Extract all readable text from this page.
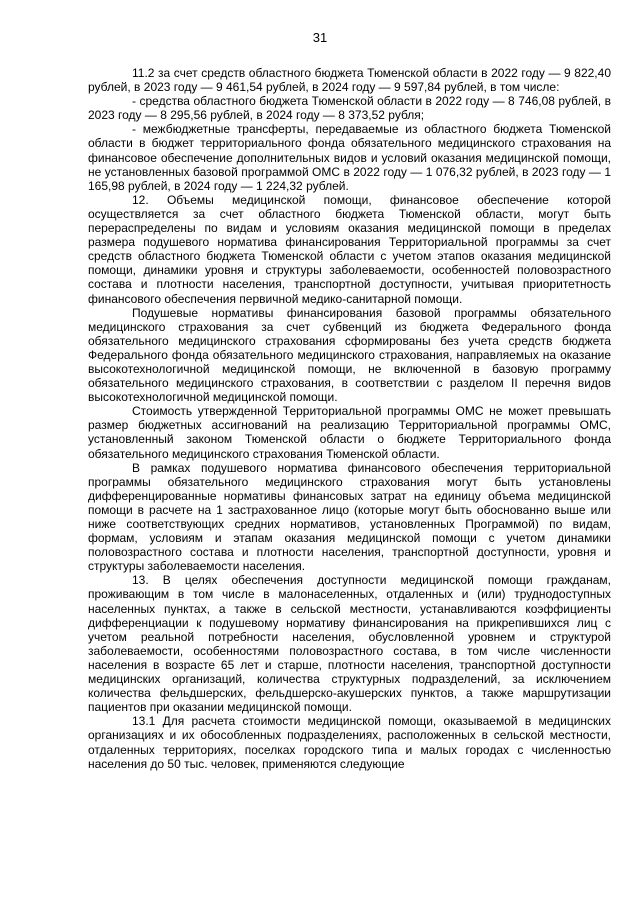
31

11.2 за счет средств областного бюджета Тюменской области в 2022 году — 9 822,40 рублей, в 2023 году — 9 461,54 рублей, в 2024 году — 9 597,84 рублей, в том числе:

- средства областного бюджета Тюменской области в 2022 году — 8 746,08 рублей, в 2023 году — 8 295,56 рублей, в 2024 году — 8 373,52 рубля;

- межбюджетные трансферты, передаваемые из областного бюджета Тюменской области в бюджет территориального фонда обязательного медицинского страхования на финансовое обеспечение дополнительных видов и условий оказания медицинской помощи, не установленных базовой программой ОМС в 2022 году — 1 076,32 рублей, в 2023 году — 1 165,98 рублей, в 2024 году — 1 224,32 рублей.

12. Объемы медицинской помощи, финансовое обеспечение которой осуществляется за счет областного бюджета Тюменской области, могут быть перераспределены по видам и условиям оказания медицинской помощи в пределах размера подушевого норматива финансирования Территориальной программы за счет средств областного бюджета Тюменской области с учетом этапов оказания медицинской помощи, динамики уровня и структуры заболеваемости, особенностей половозрастного состава и плотности населения, транспортной доступности, учитывая приоритетность финансового обеспечения первичной медико-санитарной помощи.

Подушевые нормативы финансирования базовой программы обязательного медицинского страхования за счет субвенций из бюджета Федерального фонда обязательного медицинского страхования сформированы без учета средств бюджета Федерального фонда обязательного медицинского страхования, направляемых на оказание высокотехнологичной медицинской помощи, не включенной в базовую программу обязательного медицинского страхования, в соответствии с разделом II перечня видов высокотехнологичной медицинской помощи.

Стоимость утвержденной Территориальной программы ОМС не может превышать размер бюджетных ассигнований на реализацию Территориальной программы ОМС, установленный законом Тюменской области о бюджете Территориального фонда обязательного медицинского страхования Тюменской области.

В рамках подушевого норматива финансового обеспечения территориальной программы обязательного медицинского страхования могут быть установлены дифференцированные нормативы финансовых затрат на единицу объема медицинской помощи в расчете на 1 застрахованное лицо (которые могут быть обоснованно выше или ниже соответствующих средних нормативов, установленных Программой) по видам, формам, условиям и этапам оказания медицинской помощи с учетом динамики половозрастного состава и плотности населения, транспортной доступности, уровня и структуры заболеваемости населения.

13. В целях обеспечения доступности медицинской помощи гражданам, проживающим в том числе в малонаселенных, отдаленных и (или) труднодоступных населенных пунктах, а также в сельской местности, устанавливаются коэффициенты дифференциации к подушевому нормативу финансирования на прикрепившихся лиц с учетом реальной потребности населения, обусловленной уровнем и структурой заболеваемости, особенностями половозрастного состава, в том числе численности населения в возрасте 65 лет и старше, плотности населения, транспортной доступности медицинских организаций, количества структурных подразделений, за исключением количества фельдшерских, фельдшерско-акушерских пунктов, а также маршрутизации пациентов при оказании медицинской помощи.

13.1 Для расчета стоимости медицинской помощи, оказываемой в медицинских организациях и их обособленных подразделениях, расположенных в сельской местности, отдаленных территориях, поселках городского типа и малых городах с численностью населения до 50 тыс. человек, применяются следующие
